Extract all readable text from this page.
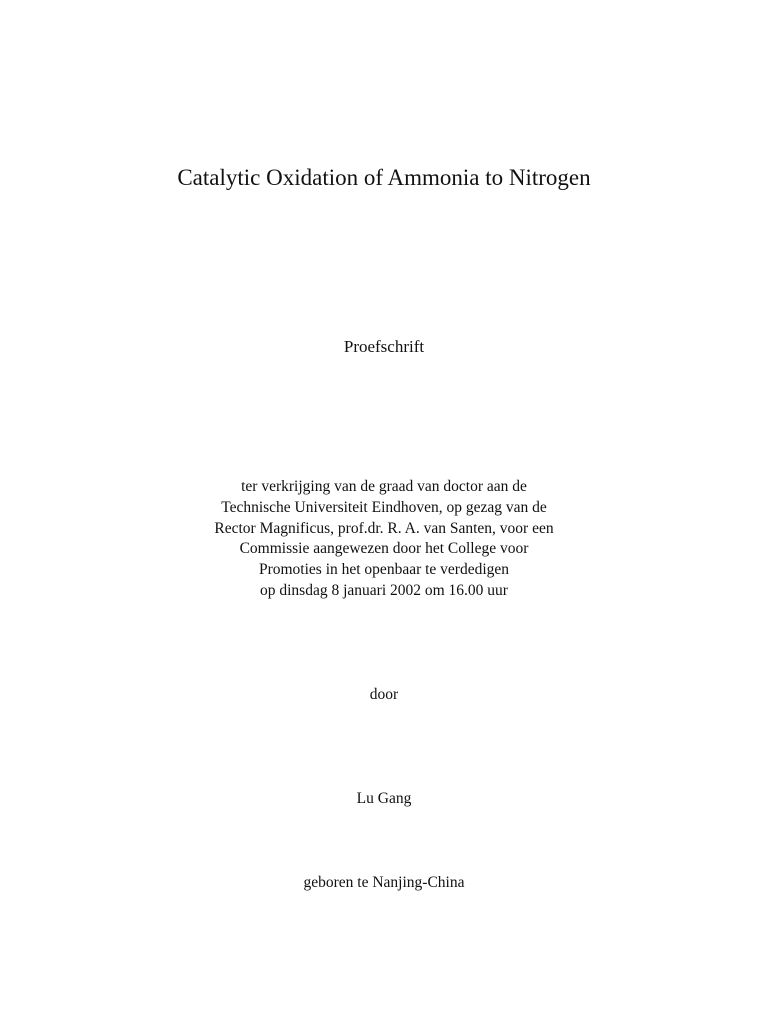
Catalytic Oxidation of Ammonia to Nitrogen
Proefschrift
ter verkrijging van de graad van doctor aan de
Technische Universiteit Eindhoven, op gezag van de
Rector Magnificus, prof.dr. R. A. van Santen, voor een
Commissie aangewezen door het College voor
Promoties in het openbaar te verdedigen
op dinsdag 8 januari 2002 om 16.00 uur
door
Lu Gang
geboren te Nanjing-China
